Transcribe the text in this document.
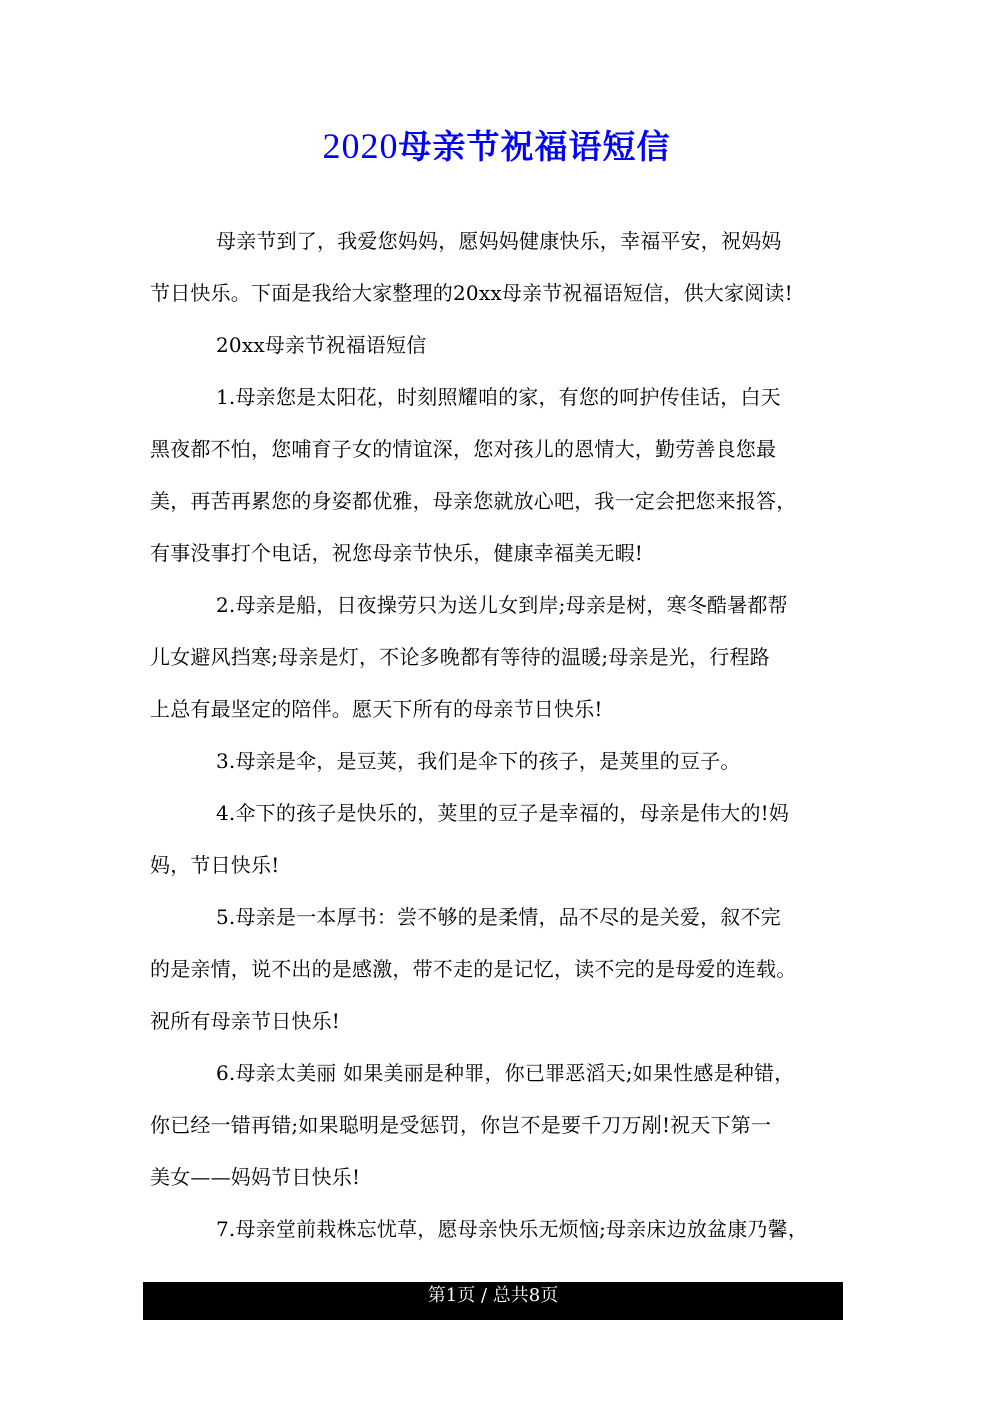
2020母亲节祝福语短信
母亲节到了，我爱您妈妈，愿妈妈健康快乐，幸福平安，祝妈妈
节日快乐。下面是我给大家整理的20xx母亲节祝福语短信，供大家阅读!
20xx母亲节祝福语短信
1.母亲您是太阳花，时刻照耀咱的家，有您的呵护传佳话，白天
黑夜都不怕，您哺育子女的情谊深，您对孩儿的恩情大，勤劳善良您最
美，再苦再累您的身姿都优雅，母亲您就放心吧，我一定会把您来报答，
有事没事打个电话，祝您母亲节快乐，健康幸福美无暇!
2.母亲是船，日夜操劳只为送儿女到岸;母亲是树，寒冬酷暑都帮
儿女避风挡寒;母亲是灯，不论多晚都有等待的温暖;母亲是光，行程路
上总有最坚定的陪伴。愿天下所有的母亲节日快乐!
3.母亲是伞，是豆荚，我们是伞下的孩子，是荚里的豆子。
4.伞下的孩子是快乐的，荚里的豆子是幸福的，母亲是伟大的!妈
妈，节日快乐!
5.母亲是一本厚书：尝不够的是柔情，品不尽的是关爱，叙不完
的是亲情，说不出的是感激，带不走的是记忆，读不完的是母爱的连载。
祝所有母亲节日快乐!
6.母亲太美丽 如果美丽是种罪，你已罪恶滔天;如果性感是种错，
你已经一错再错;如果聪明是受惩罚，你岂不是要千刀万剐!祝天下第一
美女——妈妈节日快乐!
7.母亲堂前栽株忘忧草，愿母亲快乐无烦恼;母亲床边放盆康乃馨，
第1页 / 总共8页
